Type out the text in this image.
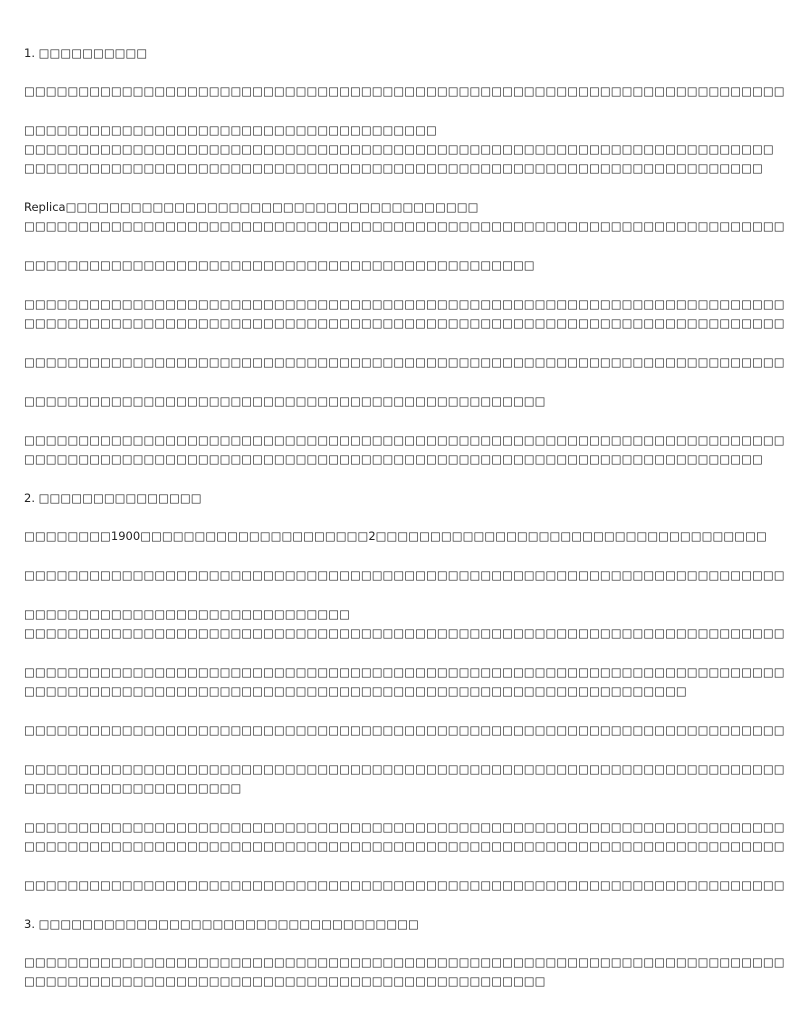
1. □□□□□□□□□□
□□□□□□□□□□□□□□□□□□□□□□□□□□□□□□□□□□□□□□□□□□□□□□□□□□□□□□□□□□□□□□□□□□□□□□
□□□□□□□□□□□□□□□□□□□□□□□□□□□□□□□□□□□□□□
□□□□□□□□□□□□□□□□□□□□□□□□□□□□□□□□□□□□□□□□□□□□□□□□□□□□□□□□□□□□□□□□□□□□□
□□□□□□□□□□□□□□□□□□□□□□□□□□□□□□□□□□□□□□□□□□□□□□□□□□□□□□□□□□□□□□□□□□□□
Replica□□□□□□□□□□□□□□□□□□□□□□□□□□□□□□□□□□□□□□
□□□□□□□□□□□□□□□□□□□□□□□□□□□□□□□□□□□□□□□□□□□□□□□□□□□□□□□□□□□□□□□□□□□□□□
□□□□□□□□□□□□□□□□□□□□□□□□□□□□□□□□□□□□□□□□□□□□□□□
□□□□□□□□□□□□□□□□□□□□□□□□□□□□□□□□□□□□□□□□□□□□□□□□□□□□□□□□□□□□□□□□□□□□□□
□□□□□□□□□□□□□□□□□□□□□□□□□□□□□□□□□□□□□□□□□□□□□□□□□□□□□□□□□□□□□□□□□□□□□□
□□□□□□□□□□□□□□□□□□□□□□□□□□□□□□□□□□□□□□□□□□□□□□□□□□□□□□□□□□□□□□□□□□□□□□
□□□□□□□□□□□□□□□□□□□□□□□□□□□□□□□□□□□□□□□□□□□□□□□□
□□□□□□□□□□□□□□□□□□□□□□□□□□□□□□□□□□□□□□□□□□□□□□□□□□□□□□□□□□□□□□□□□□□□□□
□□□□□□□□□□□□□□□□□□□□□□□□□□□□□□□□□□□□□□□□□□□□□□□□□□□□□□□□□□□□□□□□□□□□
2. □□□□□□□□□□□□□□□
□□□□□□□□1900□□□□□□□□□□□□□□□□□□□□□2□□□□□□□□□□□□□□□□□□□□□□□□□□□□□□□□□□□□
□□□□□□□□□□□□□□□□□□□□□□□□□□□□□□□□□□□□□□□□□□□□□□□□□□□□□□□□□□□□□□□□□□□□□□
□□□□□□□□□□□□□□□□□□□□□□□□□□□□□□
□□□□□□□□□□□□□□□□□□□□□□□□□□□□□□□□□□□□□□□□□□□□□□□□□□□□□□□□□□□□□□□□□□□□□□
□□□□□□□□□□□□□□□□□□□□□□□□□□□□□□□□□□□□□□□□□□□□□□□□□□□□□□□□□□□□□□□□□□□□□□
□□□□□□□□□□□□□□□□□□□□□□□□□□□□□□□□□□□□□□□□□□□□□□□□□□□□□□□□□□□□□
□□□□□□□□□□□□□□□□□□□□□□□□□□□□□□□□□□□□□□□□□□□□□□□□□□□□□□□□□□□□□□□□□□□□□□
□□□□□□□□□□□□□□□□□□□□□□□□□□□□□□□□□□□□□□□□□□□□□□□□□□□□□□□□□□□□□□□□□□□□□□
□□□□□□□□□□□□□□□□□□□□
□□□□□□□□□□□□□□□□□□□□□□□□□□□□□□□□□□□□□□□□□□□□□□□□□□□□□□□□□□□□□□□□□□□□□□
□□□□□□□□□□□□□□□□□□□□□□□□□□□□□□□□□□□□□□□□□□□□□□□□□□□□□□□□□□□□□□□□□□□□□□
□□□□□□□□□□□□□□□□□□□□□□□□□□□□□□□□□□□□□□□□□□□□□□□□□□□□□□□□□□□□□□□□□□□□□□
3. □□□□□□□□□□□□□□□□□□□□□□□□□□□□□□□□□□□
□□□□□□□□□□□□□□□□□□□□□□□□□□□□□□□□□□□□□□□□□□□□□□□□□□□□□□□□□□□□□□□□□□□□□□
□□□□□□□□□□□□□□□□□□□□□□□□□□□□□□□□□□□□□□□□□□□□□□□□
